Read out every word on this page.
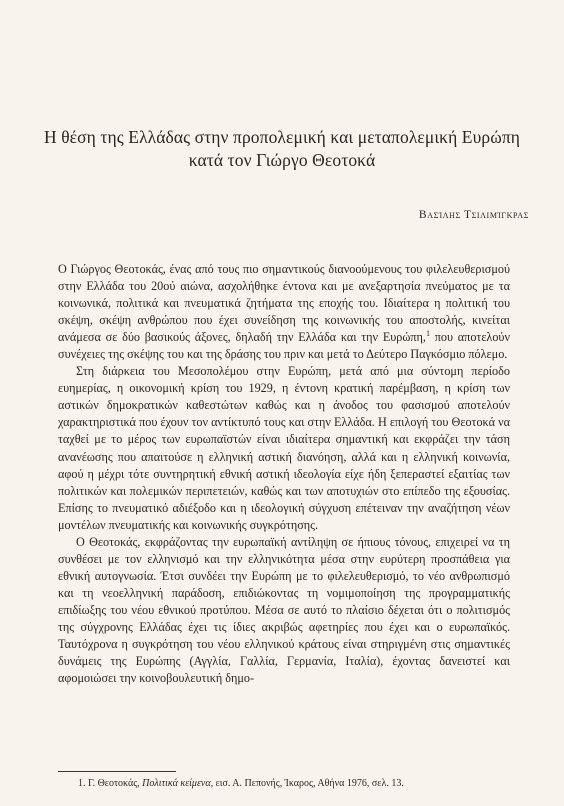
Η θέση της Ελλάδας στην προπολεμική και μεταπολεμική Ευρώπη
κατά τον Γιώργο Θεοτοκά
Βασίλης Τσιλιμίγκρας

Ο Γιώργος Θεοτοκάς, ένας από τους πιο σημαντικούς διανοούμενους του φιλελευθερισμού στην Ελλάδα του 20ού αιώνα, ασχολήθηκε έντονα και με ανεξαρτησία πνεύματος με τα κοινωνικά, πολιτικά και πνευματικά ζητήματα της εποχής του. Ιδιαίτερα η πολιτική του σκέψη, σκέψη ανθρώπου που έχει συνείδηση της κοινωνικής του αποστολής, κινείται ανάμεσα σε δύο βασικούς άξονες, δηλαδή την Ελλάδα και την Ευρώπη,$^1$ που αποτελούν συνέχειες της σκέψης του και της δράσης του πριν και μετά το Δεύτερο Παγκόσμιο πόλεμο.

Στη διάρκεια του Μεσοπολέμου στην Ευρώπη, μετά από μια σύντομη περίοδο ευημερίας, η οικονομική κρίση του 1929, η έντονη κρατική παρέμβαση, η κρίση των αστικών δημοκρατικών καθεστώτων καθώς και η άνοδος του φασισμού αποτελούν χαρακτηριστικά που έχουν τον αντίκτυπό τους και στην Ελλάδα. Η επιλογή του Θεοτοκά να ταχθεί με το μέρος των ευρωπαϊστών είναι ιδιαίτερα σημαντική και εκφράζει την τάση ανανέωσης που απαιτούσε η ελληνική αστική διανόηση, αλλά και η ελληνική κοινωνία, αφού η μέχρι τότε συντηρητική εθνική αστική ιδεολογία είχε ήδη ξεπεραστεί εξαιτίας των πολιτικών και πολεμικών περιπετειών, καθώς και των αποτυχιών στο επίπεδο της εξουσίας. Επίσης το πνευματικό αδιέξοδο και η ιδεολογική σύγχυση επέτειναν την αναζήτηση νέων μοντέλων πνευματικής και κοινωνικής συγκρότησης.

Ο Θεοτοκάς, εκφράζοντας την ευρωπαϊκή αντίληψη σε ήπιους τόνους, επιχειρεί να τη συνθέσει με τον ελληνισμό και την ελληνικότητα μέσα στην ευρύτερη προσπάθεια για εθνική αυτογνωσία. Έτσι συνδέει την Ευρώπη με το φιλελευθερισμό, το νέο ανθρωπισμό και τη νεοελληνική παράδοση, επιδιώκοντας τη νομιμοποίηση της προγραμματικής επιδίωξης του νέου εθνικού προτύπου. Μέσα σε αυτό το πλαίσιο δέχεται ότι ο πολιτισμός της σύγχρονης Ελλάδας έχει τις ίδιες ακριβώς αφετηρίες που έχει και ο ευρωπαϊκός. Ταυτόχρονα η συγκρότηση του νέου ελληνικού κράτους είναι στηριγμένη στις σημαντικές δυνάμεις της Ευρώπης (Αγγλία, Γαλλία, Γερμανία, Ιταλία), έχοντας δανειστεί και αφομοιώσει την κοινοβουλευτική δημο-

1. Γ. Θεοτοκάς, Πολιτικά κείμενα, εισ. Α. Πεπονής, Ίκαρος, Αθήνα 1976, σελ. 13.
